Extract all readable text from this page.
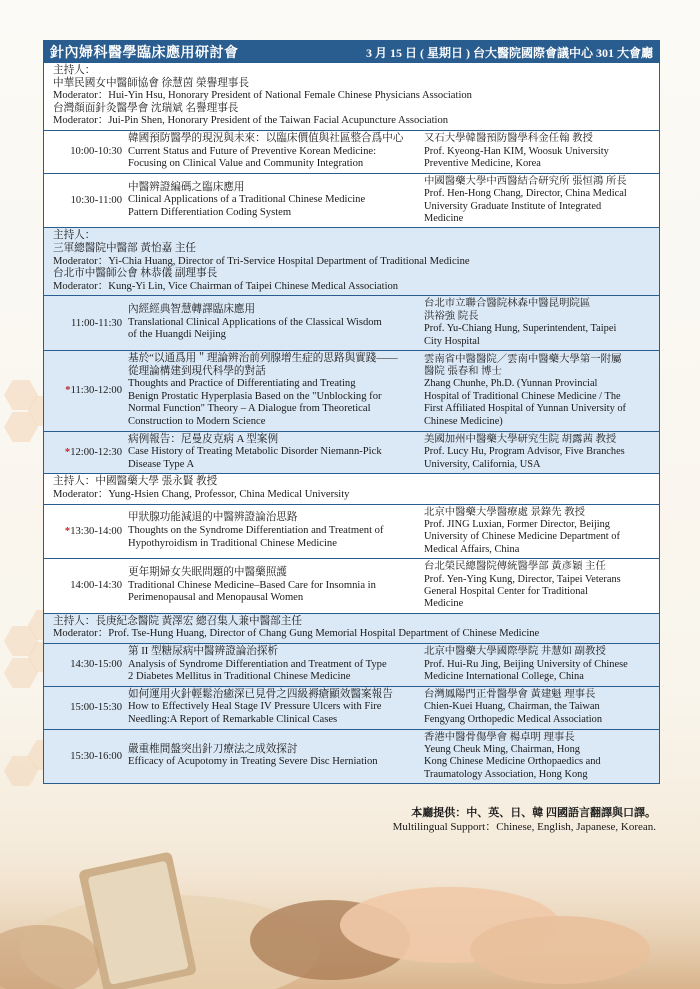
針內婦科醫學臨床應用研討會	3 月 15 日 ( 星期日 ) 台大醫院國際會議中心 301 大會廳
主持人：
中華民國女中醫師協會 徐慧茵 榮譽理事長
Moderator：Hui-Yin Hsu, Honorary President of National Female Chinese Physicians Association
台灣顏面針灸醫學會 沈瑞斌 名譽理事長
Moderator：Jui-Pin Shen, Honorary President of the Taiwan Facial Acupuncture Association
10:00-10:30
韓國預防醫學的現況與未來：以臨床價值與社區整合爲中心
Current Status and Future of Preventive Korean Medicine:
Focusing on Clinical Value and Community Integration
又石大學韓醫預防醫學科金任翰 教授
Prof. Kyeong-Han KIM, Woosuk University
Preventive Medicine, Korea
10:30-11:00
中醫辨證編碼之臨床應用
Clinical Applications of a Traditional Chinese Medicine
Pattern Differentiation Coding System
中國醫藥大學中西醫結合研究所 張恒鴻 所長
Prof. Hen-Hong Chang, Director, China Medical
University Graduate Institute of Integrated
Medicine
主持人：
三軍總醫院中醫部 黃怡嘉 主任
Moderator：Yi-Chia Huang, Director of Tri-Service Hospital Department of Traditional Medicine
台北市中醫師公會 林恭儀 副理事長
Moderator：Kung-Yi Lin, Vice Chairman of Taipei Chinese Medical Association
11:00-11:30
內經經典智慧轉譯臨床應用
Translational Clinical Applications of the Classical Wisdom
of the Huangdi Neijing
台北市立聯合醫院林森中醫昆明院區
洪裕強 院長
Prof. Yu-Chiang Hung, Superintendent, Taipei
City Hospital
*11:30-12:00
基於“以通爲用＂理論辨治前列腺增生症的思路與實踐——
從理論構建到現代科學的對話
Thoughts and Practice of Differentiating and Treating
Benign Prostatic Hyperplasia Based on the "Unblocking for
Normal Function" Theory – A Dialogue from Theoretical
Construction to Modern Science
雲南省中醫醫院／雲南中醫藥大學第一附屬
醫院 張春和 博士
Zhang Chunhe, Ph.D. (Yunnan Provincial
Hospital of Traditional Chinese Medicine / The
First Affiliated Hospital of Yunnan University of
Chinese Medicine)
*12:00-12:30
病例報告：尼曼皮克病 A 型案例
Case History of Treating Metabolic Disorder Niemann-Pick
Disease Type A
美國加州中醫藥大學研究生院 胡露茜 教授
Prof. Lucy Hu, Program Advisor, Five Branches
University, California, USA
主持人：中國醫藥大學 張永賢 教授
Moderator：Yung-Hsien Chang, Professor, China Medical University
*13:30-14:00
甲狀腺功能減退的中醫辨證論治思路
Thoughts on the Syndrome Differentiation and Treatment of
Hypothyroidism in Traditional Chinese Medicine
北京中醫藥大學醫療處 景錄先 教授
Prof. JING Luxian, Former Director, Beijing
University of Chinese Medicine Department of
Medical Affairs, China
14:00-14:30
更年期婦女失眠問題的中醫藥照護
Traditional Chinese Medicine–Based Care for Insomnia in
Perimenopausal and Menopausal Women
台北榮民總醫院傳統醫學部 黃彥穎 主任
Prof. Yen-Ying Kung, Director, Taipei Veterans
General Hospital Center for Traditional
Medicine
主持人：長庚紀念醫院 黃澤宏 總召集人兼中醫部主任
Moderator：Prof. Tse-Hung Huang, Director of Chang Gung Memorial Hospital Department of Chinese Medicine
14:30-15:00
第 II 型糖尿病中醫辨證論治探析
Analysis of Syndrome Differentiation and Treatment of Type
2 Diabetes Mellitus in Traditional Chinese Medicine
北京中醫藥大學國際學院 井慧如 副教授
Prof. Hui-Ru Jing, Beijing University of Chinese
Medicine International College, China
15:00-15:30
如何運用火針輕鬆治癒深已見骨之四級褥瘡顯效醫案報告
How to Effectively Heal Stage IV Pressure Ulcers with Fire
Needling:A Report of Remarkable Clinical Cases
台灣鳳陽門正骨醫學會 黃建魁 理事長
Chien-Kuei Huang, Chairman, the Taiwan
Fengyang Orthopedic Medical Association
15:30-16:00
嚴重椎間盤突出針刀療法之成效探討
Efficacy of Acupotomy in Treating Severe Disc Herniation
香港中醫骨傷學會 楊卓明 理事長
Yeung Cheuk Ming, Chairman, Hong
Kong Chinese Medicine Orthopaedics and
Traumatology Association, Hong Kong
本廳提供：中、英、日、韓 四國語言翻譯與口譯。
Multilingual Support：Chinese, English, Japanese, Korean.
